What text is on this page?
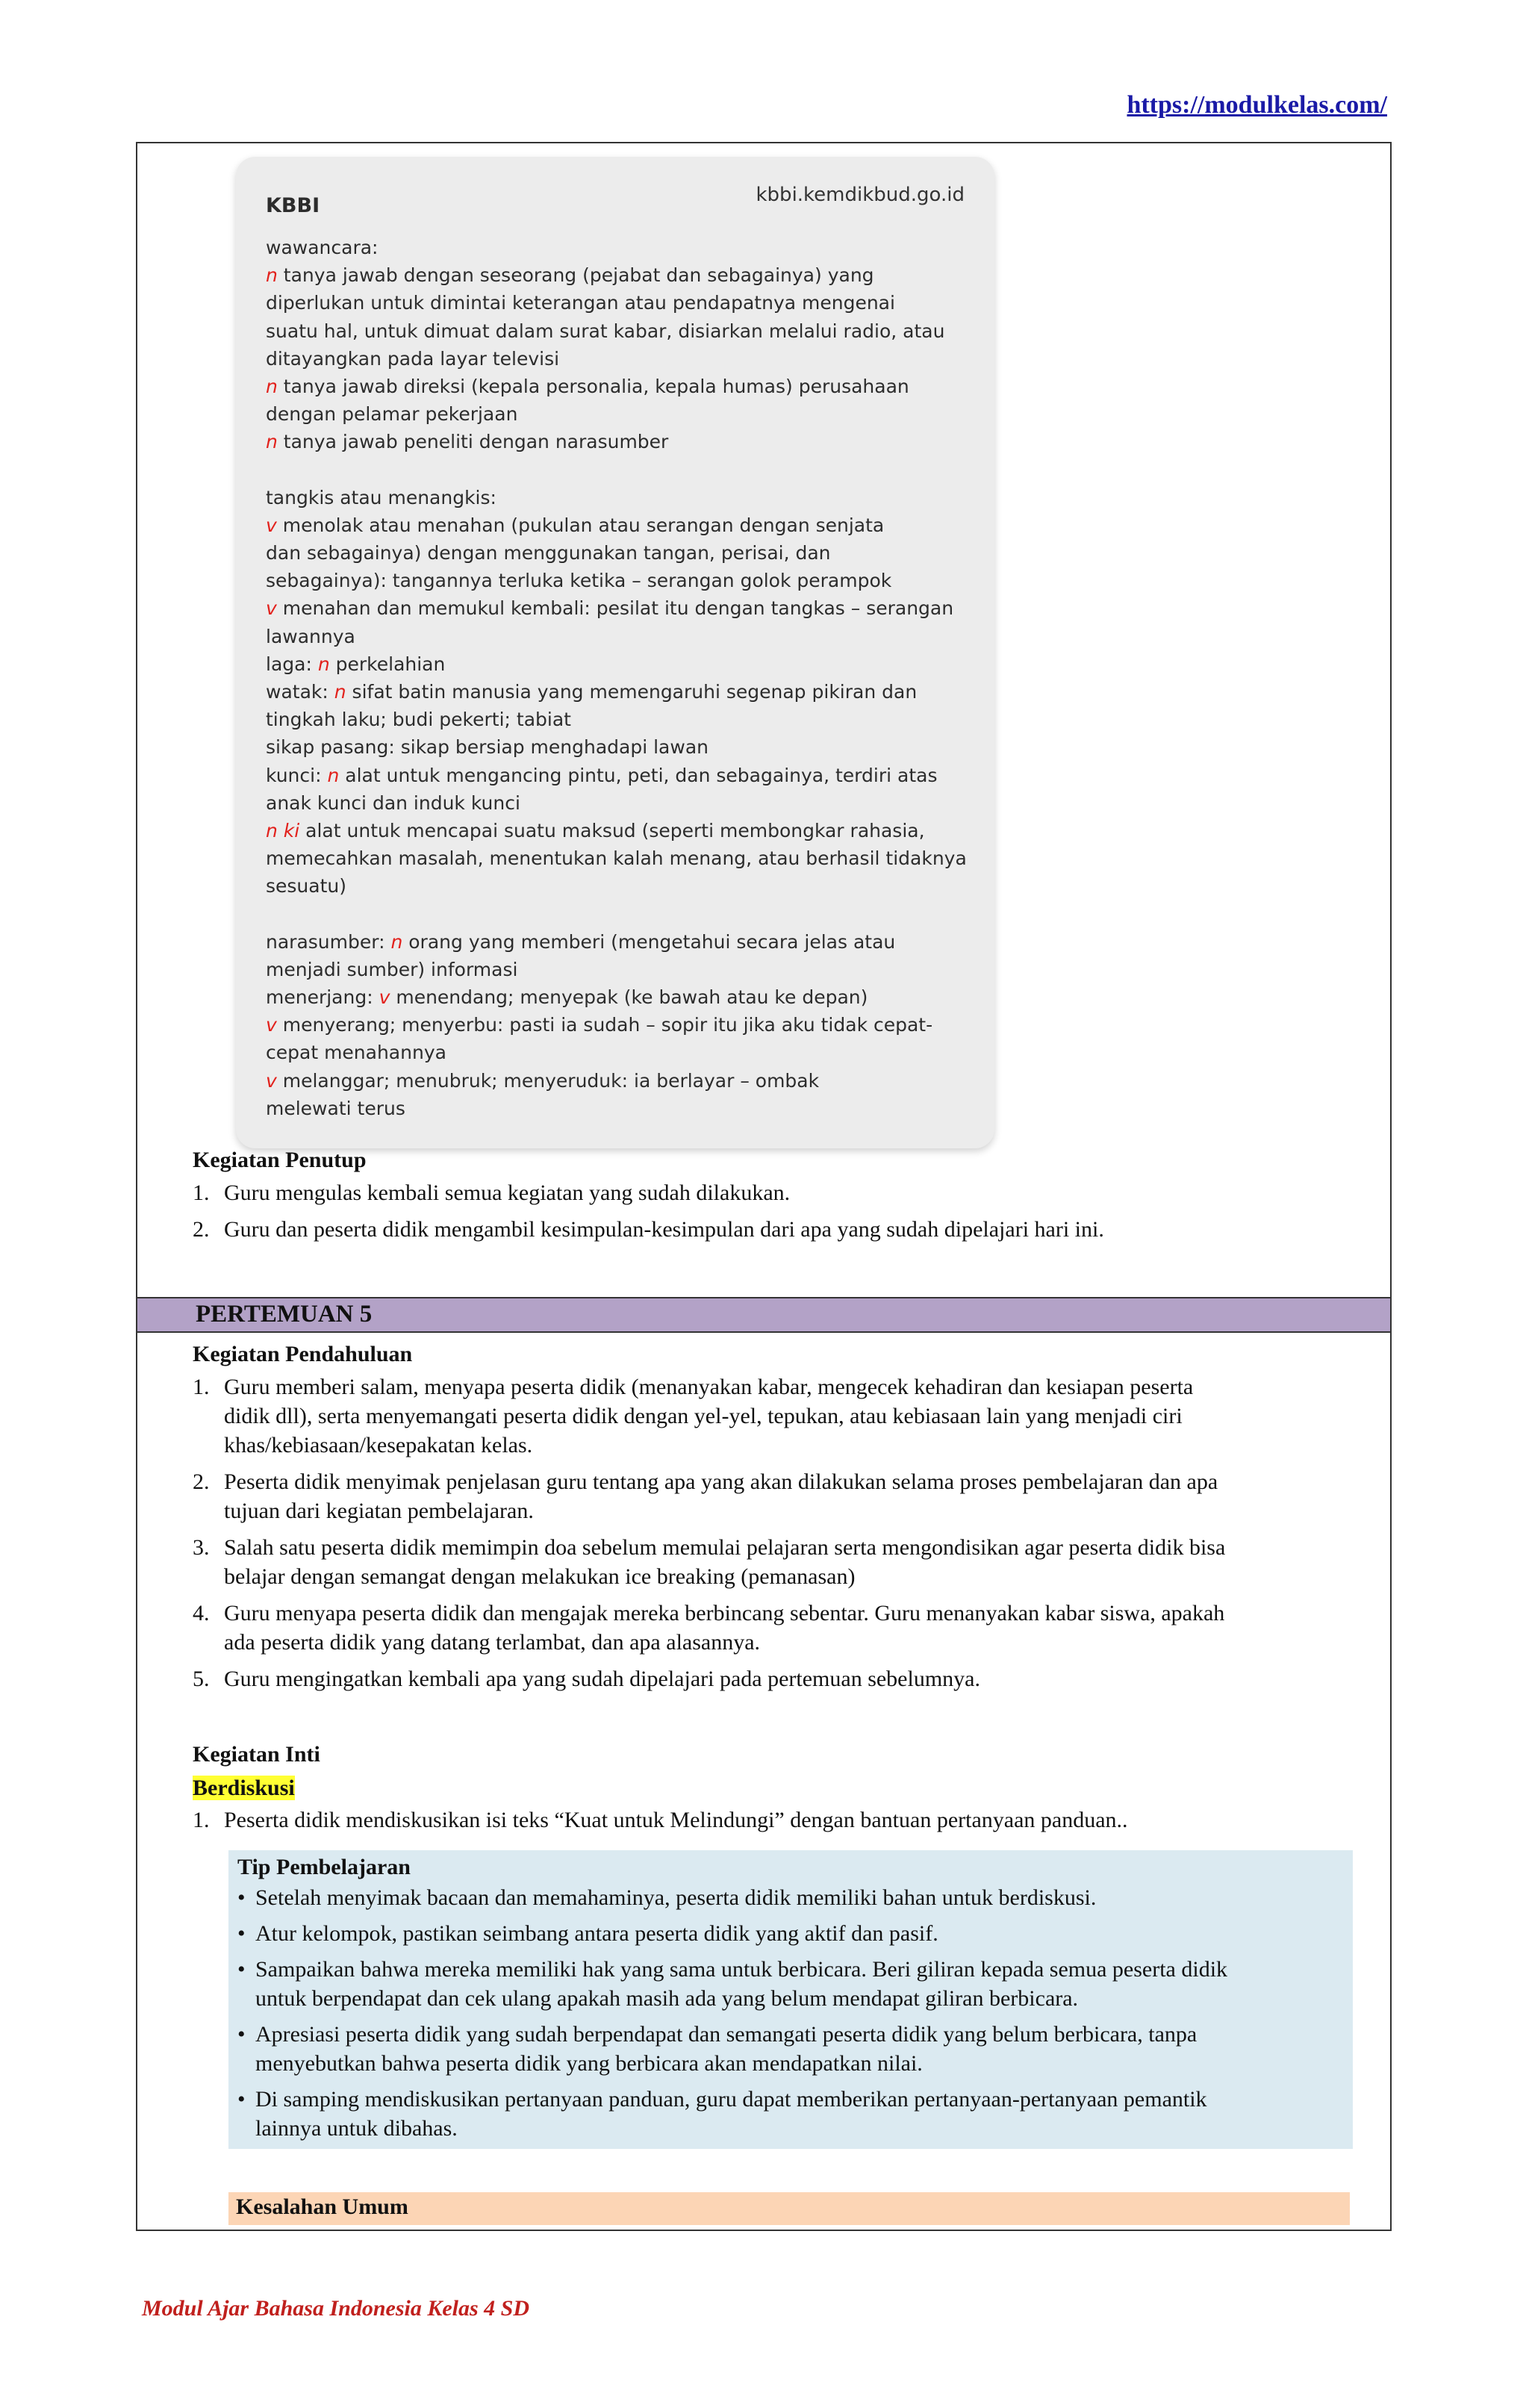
https://modulkelas.com/
kbbi.kemdikbud.go.id
KBBI
wawancara:
n tanya jawab dengan seseorang (pejabat dan sebagainya) yang
diperlukan untuk dimintai keterangan atau pendapatnya mengenai
suatu hal, untuk dimuat dalam surat kabar, disiarkan melalui radio, atau
ditayangkan pada layar televisi
n tanya jawab direksi (kepala personalia, kepala humas) perusahaan
dengan pelamar pekerjaan
n tanya jawab peneliti dengan narasumber
tangkis atau menangkis:
v menolak atau menahan (pukulan atau serangan dengan senjata
dan sebagainya) dengan menggunakan tangan, perisai, dan
sebagainya): tangannya terluka ketika – serangan golok perampok
v menahan dan memukul kembali: pesilat itu dengan tangkas – serangan
lawannya
laga: n perkelahian
watak: n sifat batin manusia yang memengaruhi segenap pikiran dan
tingkah laku; budi pekerti; tabiat
sikap pasang: sikap bersiap menghadapi lawan
kunci: n alat untuk mengancing pintu, peti, dan sebagainya, terdiri atas
anak kunci dan induk kunci
n ki alat untuk mencapai suatu maksud (seperti membongkar rahasia,
memecahkan masalah, menentukan kalah menang, atau berhasil tidaknya
sesuatu)
narasumber: n orang yang memberi (mengetahui secara jelas atau
menjadi sumber) informasi
menerjang: v menendang; menyepak (ke bawah atau ke depan)
v menyerang; menyerbu: pasti ia sudah – sopir itu jika aku tidak cepat-
cepat menahannya
v melanggar; menubruk; menyeruduk: ia berlayar – ombak
melewati terus
Kegiatan Penutup
1. Guru mengulas kembali semua kegiatan yang sudah dilakukan.
2. Guru dan peserta didik mengambil kesimpulan-kesimpulan dari apa yang sudah dipelajari hari ini.
PERTEMUAN 5
Kegiatan Pendahuluan
1. Guru memberi salam, menyapa peserta didik (menanyakan kabar, mengecek kehadiran dan kesiapan peserta
didik dll), serta menyemangati peserta didik dengan yel-yel, tepukan, atau kebiasaan lain yang menjadi ciri
khas/kebiasaan/kesepakatan kelas.
2. Peserta didik menyimak penjelasan guru tentang apa yang akan dilakukan selama proses pembelajaran dan apa
tujuan dari kegiatan pembelajaran.
3. Salah satu peserta didik memimpin doa sebelum memulai pelajaran serta mengondisikan agar peserta didik bisa
belajar dengan semangat dengan melakukan ice breaking (pemanasan)
4. Guru menyapa peserta didik dan mengajak mereka berbincang sebentar. Guru menanyakan kabar siswa, apakah
ada peserta didik yang datang terlambat, dan apa alasannya.
5. Guru mengingatkan kembali apa yang sudah dipelajari pada pertemuan sebelumnya.
Kegiatan Inti
Berdiskusi
1. Peserta didik mendiskusikan isi teks “Kuat untuk Melindungi” dengan bantuan pertanyaan panduan..
Tip Pembelajaran
• Setelah menyimak bacaan dan memahaminya, peserta didik memiliki bahan untuk berdiskusi.
• Atur kelompok, pastikan seimbang antara peserta didik yang aktif dan pasif.
• Sampaikan bahwa mereka memiliki hak yang sama untuk berbicara. Beri giliran kepada semua peserta didik
untuk berpendapat dan cek ulang apakah masih ada yang belum mendapat giliran berbicara.
• Apresiasi peserta didik yang sudah berpendapat dan semangati peserta didik yang belum berbicara, tanpa
menyebutkan bahwa peserta didik yang berbicara akan mendapatkan nilai.
• Di samping mendiskusikan pertanyaan panduan, guru dapat memberikan pertanyaan-pertanyaan pemantik
lainnya untuk dibahas.
Kesalahan Umum
Modul Ajar Bahasa Indonesia Kelas 4 SD
